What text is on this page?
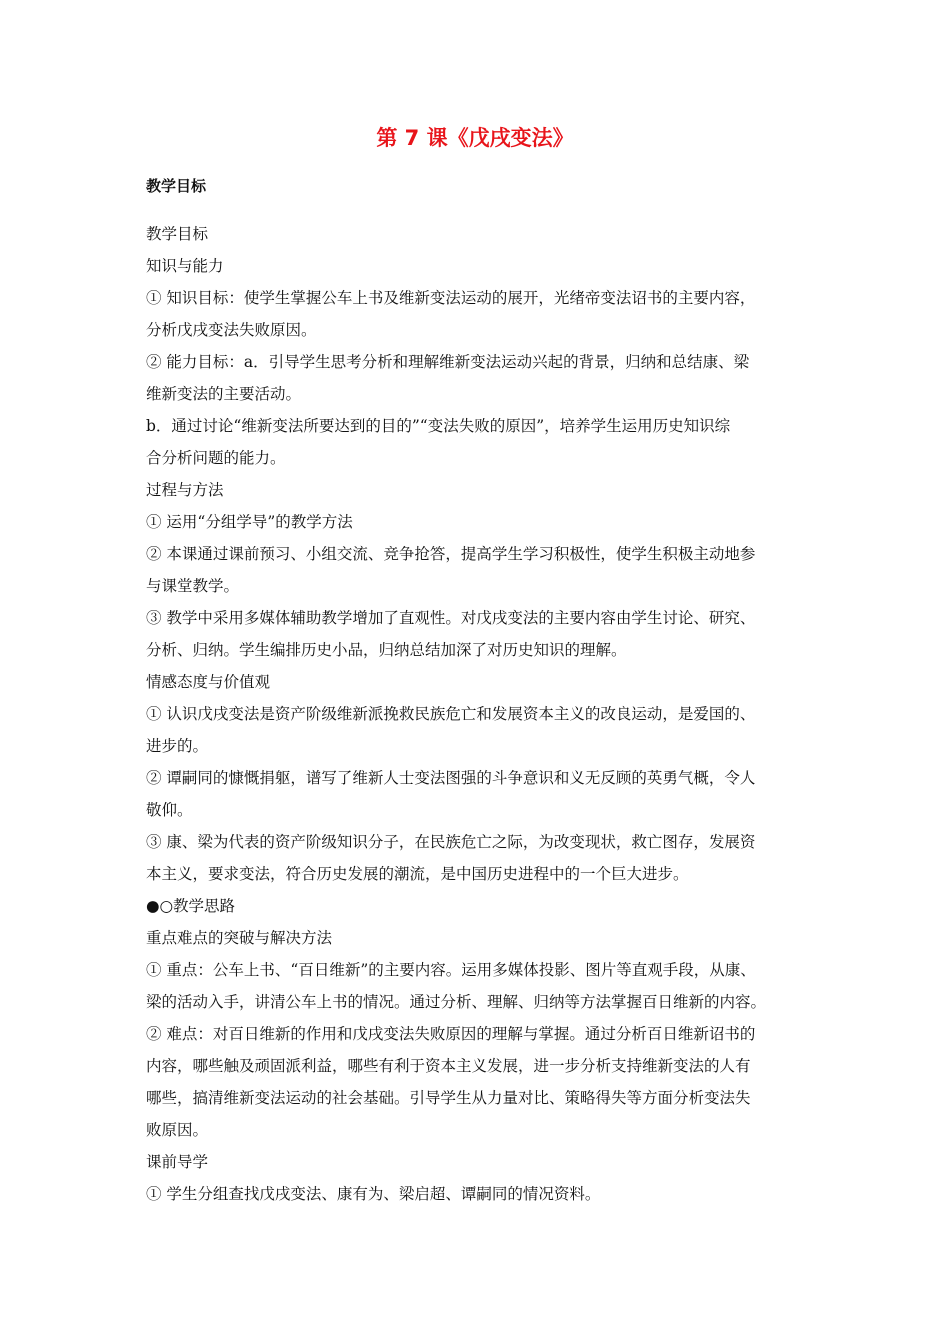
第 7 课《戊戌变法》
教学目标
教学目标
知识与能力
① 知识目标：使学生掌握公车上书及维新变法运动的展开，光绪帝变法诏书的主要内容，
分析戊戌变法失败原因。
② 能力目标：a．引导学生思考分析和理解维新变法运动兴起的背景，归纳和总结康、梁
维新变法的主要活动。
b．通过讨论“维新变法所要达到的目的”“变法失败的原因”，培养学生运用历史知识综
合分析问题的能力。
过程与方法
① 运用“分组学导”的教学方法
② 本课通过课前预习、小组交流、竞争抢答，提高学生学习积极性，使学生积极主动地参
与课堂教学。
③ 教学中采用多媒体辅助教学增加了直观性。对戊戌变法的主要内容由学生讨论、研究、
分析、归纳。学生编排历史小品，归纳总结加深了对历史知识的理解。
情感态度与价值观
① 认识戊戌变法是资产阶级维新派挽救民族危亡和发展资本主义的改良运动，是爱国的、
进步的。
② 谭嗣同的慷慨捐躯，谱写了维新人士变法图强的斗争意识和义无反顾的英勇气概，令人
敬仰。
③ 康、梁为代表的资产阶级知识分子，在民族危亡之际，为改变现状，救亡图存，发展资
本主义，要求变法，符合历史发展的潮流，是中国历史进程中的一个巨大进步。
●○教学思路
重点难点的突破与解决方法
① 重点：公车上书、“百日维新”的主要内容。运用多媒体投影、图片等直观手段，从康、
梁的活动入手，讲清公车上书的情况。通过分析、理解、归纳等方法掌握百日维新的内容。
② 难点：对百日维新的作用和戊戌变法失败原因的理解与掌握。通过分析百日维新诏书的
内容，哪些触及顽固派利益，哪些有利于资本主义发展，进一步分析支持维新变法的人有
哪些，搞清维新变法运动的社会基础。引导学生从力量对比、策略得失等方面分析变法失
败原因。
课前导学
① 学生分组查找戊戌变法、康有为、梁启超、谭嗣同的情况资料。
